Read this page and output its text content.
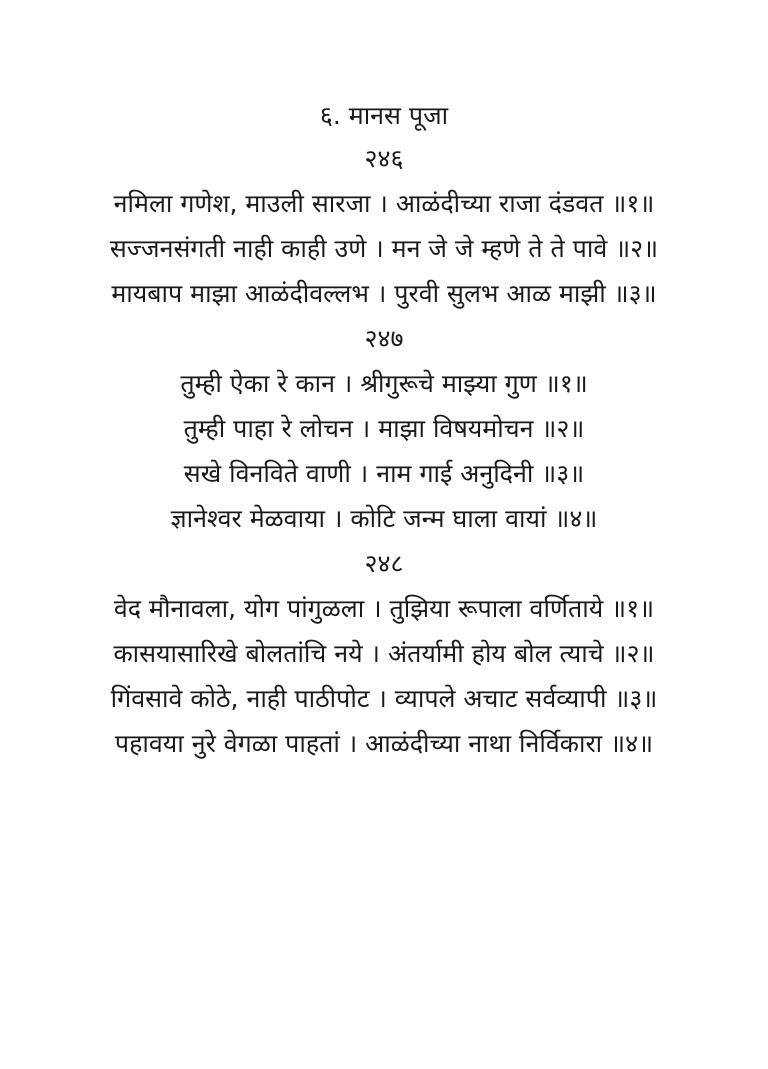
६. मानस पूजा
२४६
नमिला गणेश, माउली सारजा । आळंदीच्या राजा दंडवत ॥१॥
सज्जनसंगती नाही काही उणे । मन जे जे म्हणे ते ते पावे ॥२॥
मायबाप माझा आळंदीवल्लभ । पुरवी सुलभ आळ माझी ॥३॥
२४७
तुम्ही ऐका रे कान । श्रीगुरूचे माझ्या गुण ॥१॥
तुम्ही पाहा रे लोचन । माझा विषयमोचन ॥२॥
सखे विनविते वाणी । नाम गाई अनुदिनी ॥३॥
ज्ञानेश्वर मेळवाया । कोटि जन्म घाला वायां ॥४॥
२४८
वेद मौनावला, योग पांगुळला । तुझिया रूपाला वर्णिताये ॥१॥
कासयासारिखे बोलतांचि नये । अंतर्यामी होय बोल त्याचे ॥२॥
गिंवसावे कोठे, नाही पाठीपोट । व्यापले अचाट सर्वव्यापी ॥३॥
पहावया नुरे वेगळा पाहतां । आळंदीच्या नाथा निर्विकारा ॥४॥
